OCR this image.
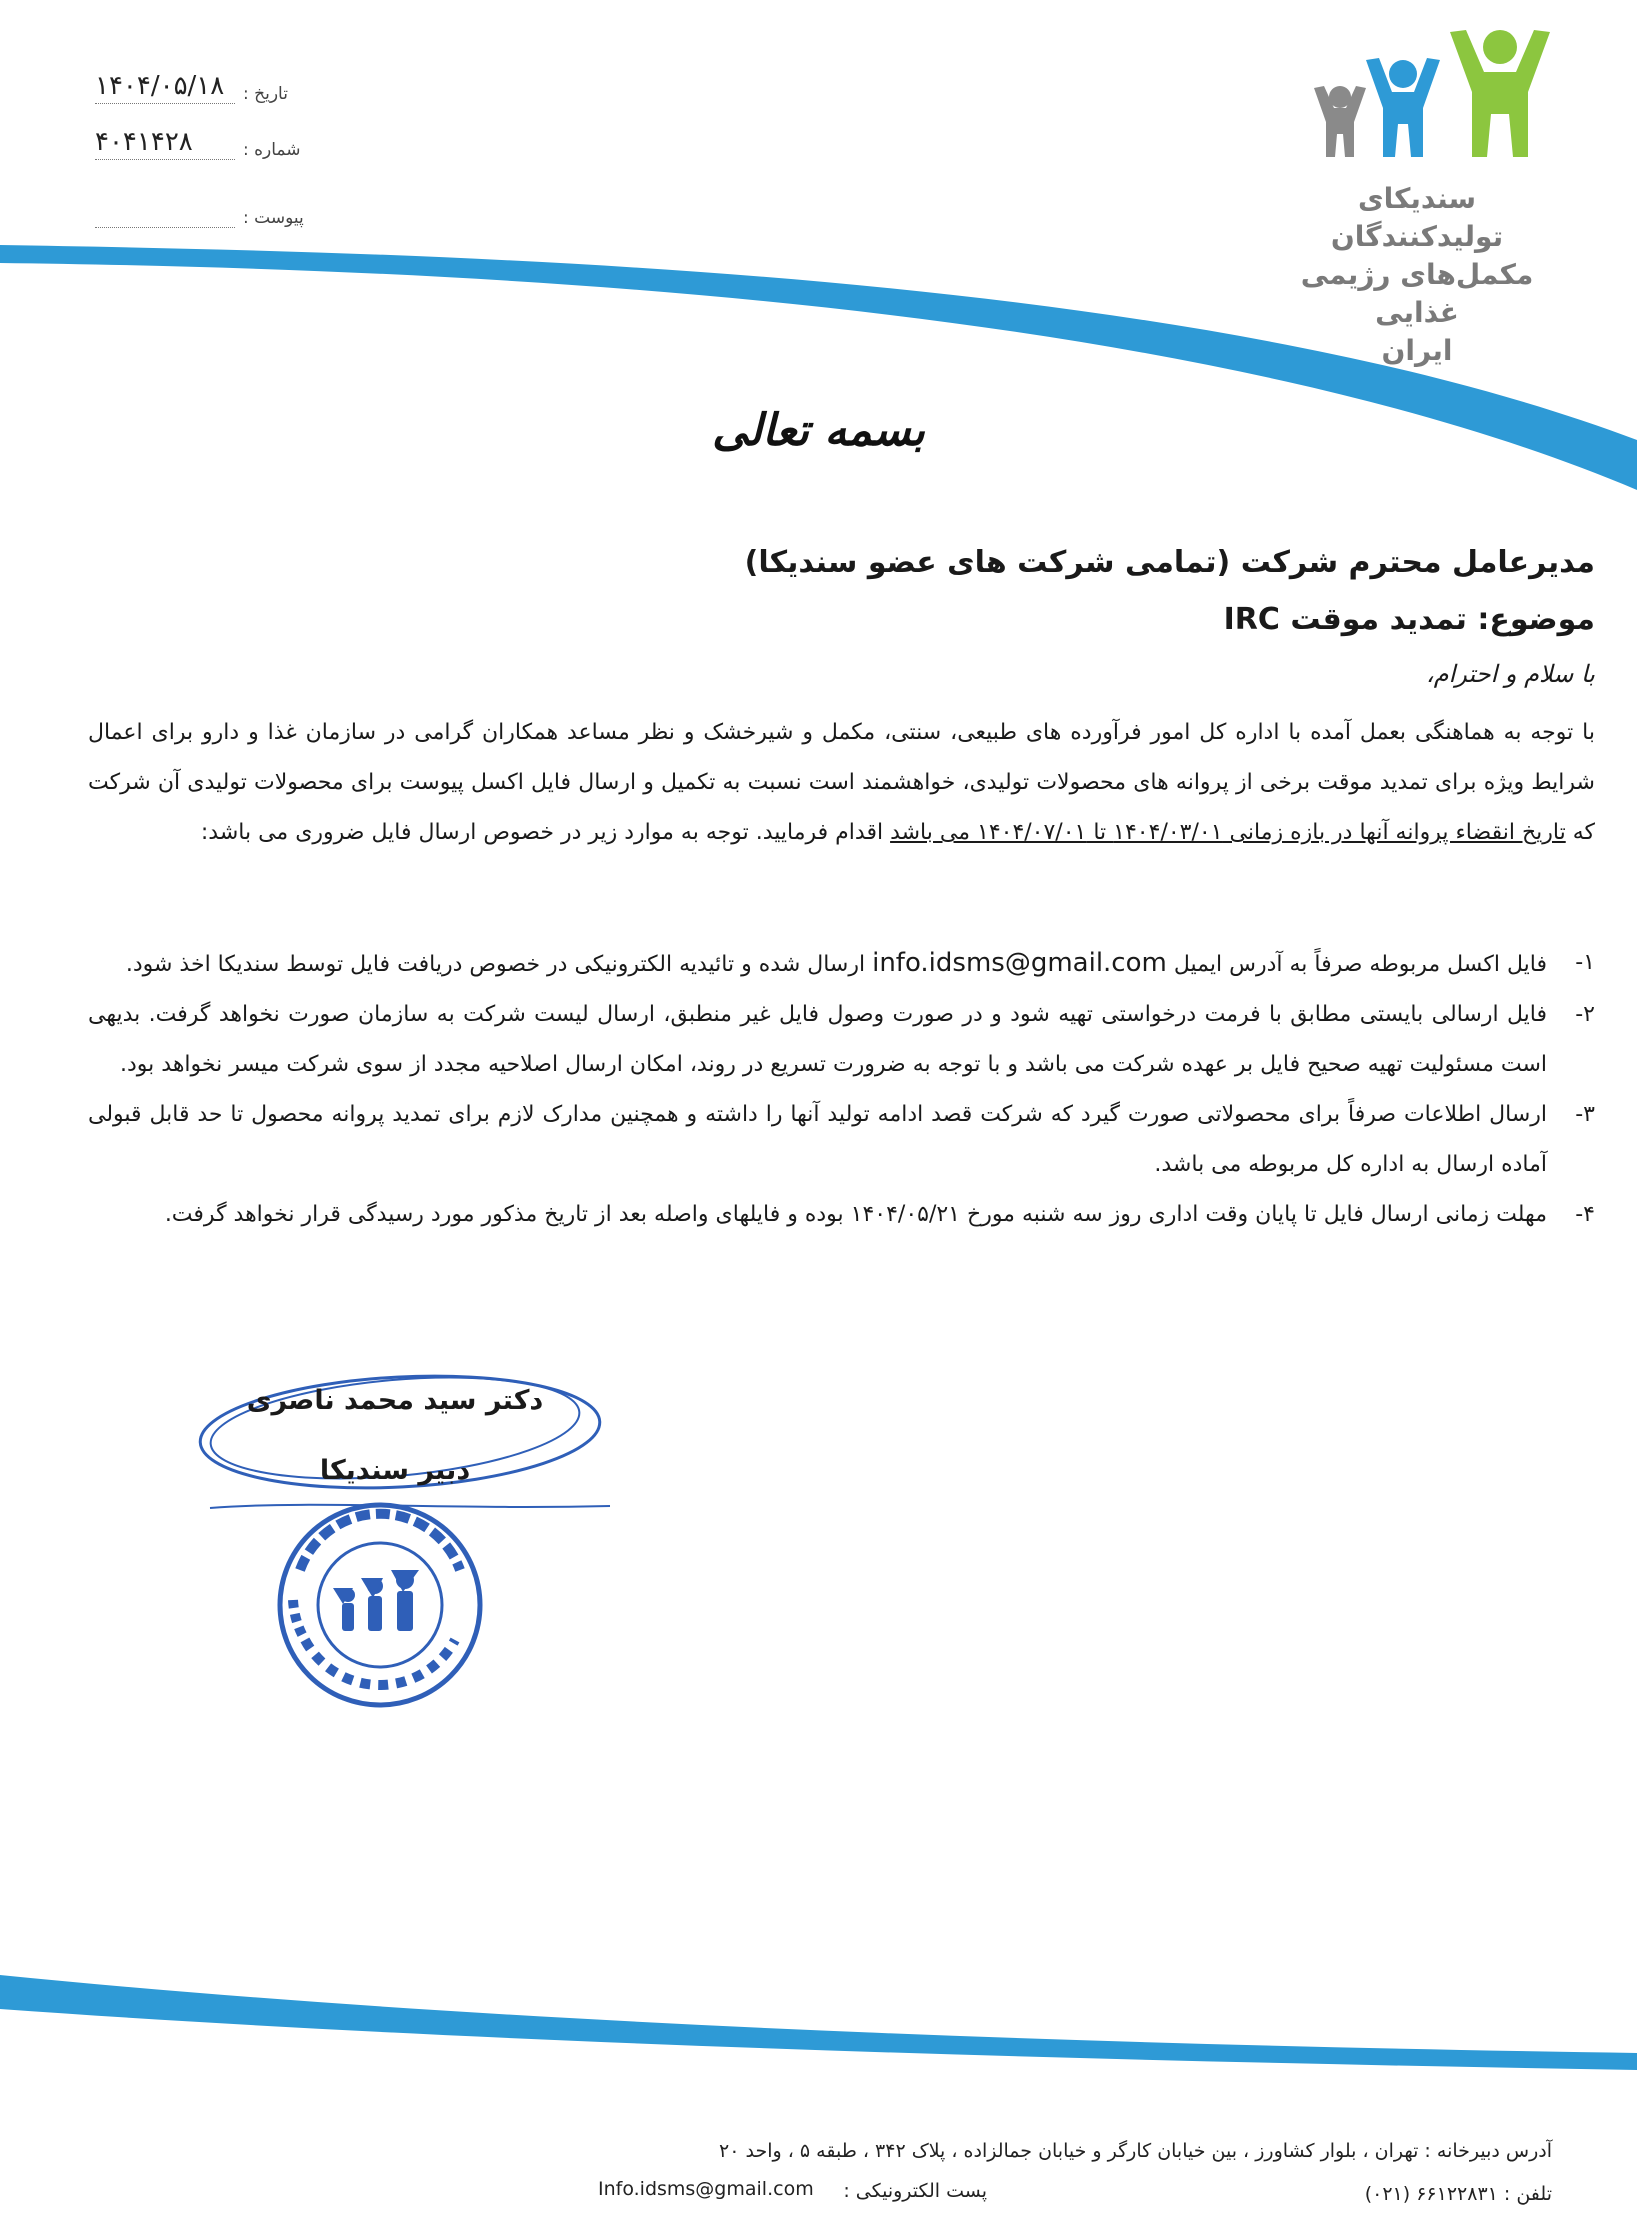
تاریخ :
۱۴۰۴/۰۵/۱۸
شماره :
۴۰۴۱۴۲۸
پیوست :
سندیکای تولیدکنندگان
مکمل‌های رژیمی غذایی
ایران
بسمه تعالی
مدیرعامل محترم شرکت (تمامی شرکت های عضو سندیکا)
موضوع: تمدید موقت IRC
با سلام و احترام،
با توجه به هماهنگی بعمل آمده با اداره کل امور فرآورده های طبیعی، سنتی، مکمل و شیرخشک و نظر مساعد همکاران گرامی در سازمان غذا و دارو برای اعمال شرایط ویژه برای تمدید موقت برخی از پروانه های محصولات تولیدی، خواهشمند است نسبت به تکمیل و ارسال فایل اکسل پیوست برای محصولات تولیدی آن شرکت که تاریخ انقضاء پروانه آنها در بازه زمانی ۱۴۰۴/۰۳/۰۱ تا ۱۴۰۴/۰۷/۰۱ می باشد اقدام فرمایید. توجه به موارد زیر در خصوص ارسال فایل ضروری می باشد:
۱-
فایل اکسل مربوطه صرفاً به آدرس ایمیل info.idsms@gmail.com ارسال شده و تائیدیه الکترونیکی در خصوص دریافت فایل توسط سندیکا اخذ شود.
۲-
فایل ارسالی بایستی مطابق با فرمت درخواستی تهیه شود و در صورت وصول فایل غیر منطبق، ارسال لیست شرکت به سازمان صورت نخواهد گرفت. بدیهی است مسئولیت تهیه صحیح فایل بر عهده شرکت می باشد و با توجه به ضرورت تسریع در روند، امکان ارسال اصلاحیه مجدد از سوی شرکت میسر نخواهد بود.
۳-
ارسال اطلاعات صرفاً برای محصولاتی صورت گیرد که شرکت قصد ادامه تولید آنها را داشته و همچنین مدارک لازم برای تمدید پروانه محصول تا حد قابل قبولی آماده ارسال به اداره کل مربوطه می باشد.
۴-
مهلت زمانی ارسال فایل تا پایان وقت اداری روز سه شنبه مورخ ۱۴۰۴/۰۵/۲۱ بوده و فایلهای واصله بعد از تاریخ مذکور مورد رسیدگی قرار نخواهد گرفت.
دکتر سید محمد ناصری
دبیر سندیکا
آدرس دبیرخانه : تهران ، بلوار کشاورز ، بین خیابان کارگر و خیابان جمالزاده ، پلاک ۳۴۲ ، طبقه ۵ ، واحد ۲۰
تلفن : ۶۶۱۲۲۸۳۱ (۰۲۱)
پست الکترونیکی :
Info.idsms@gmail.com
